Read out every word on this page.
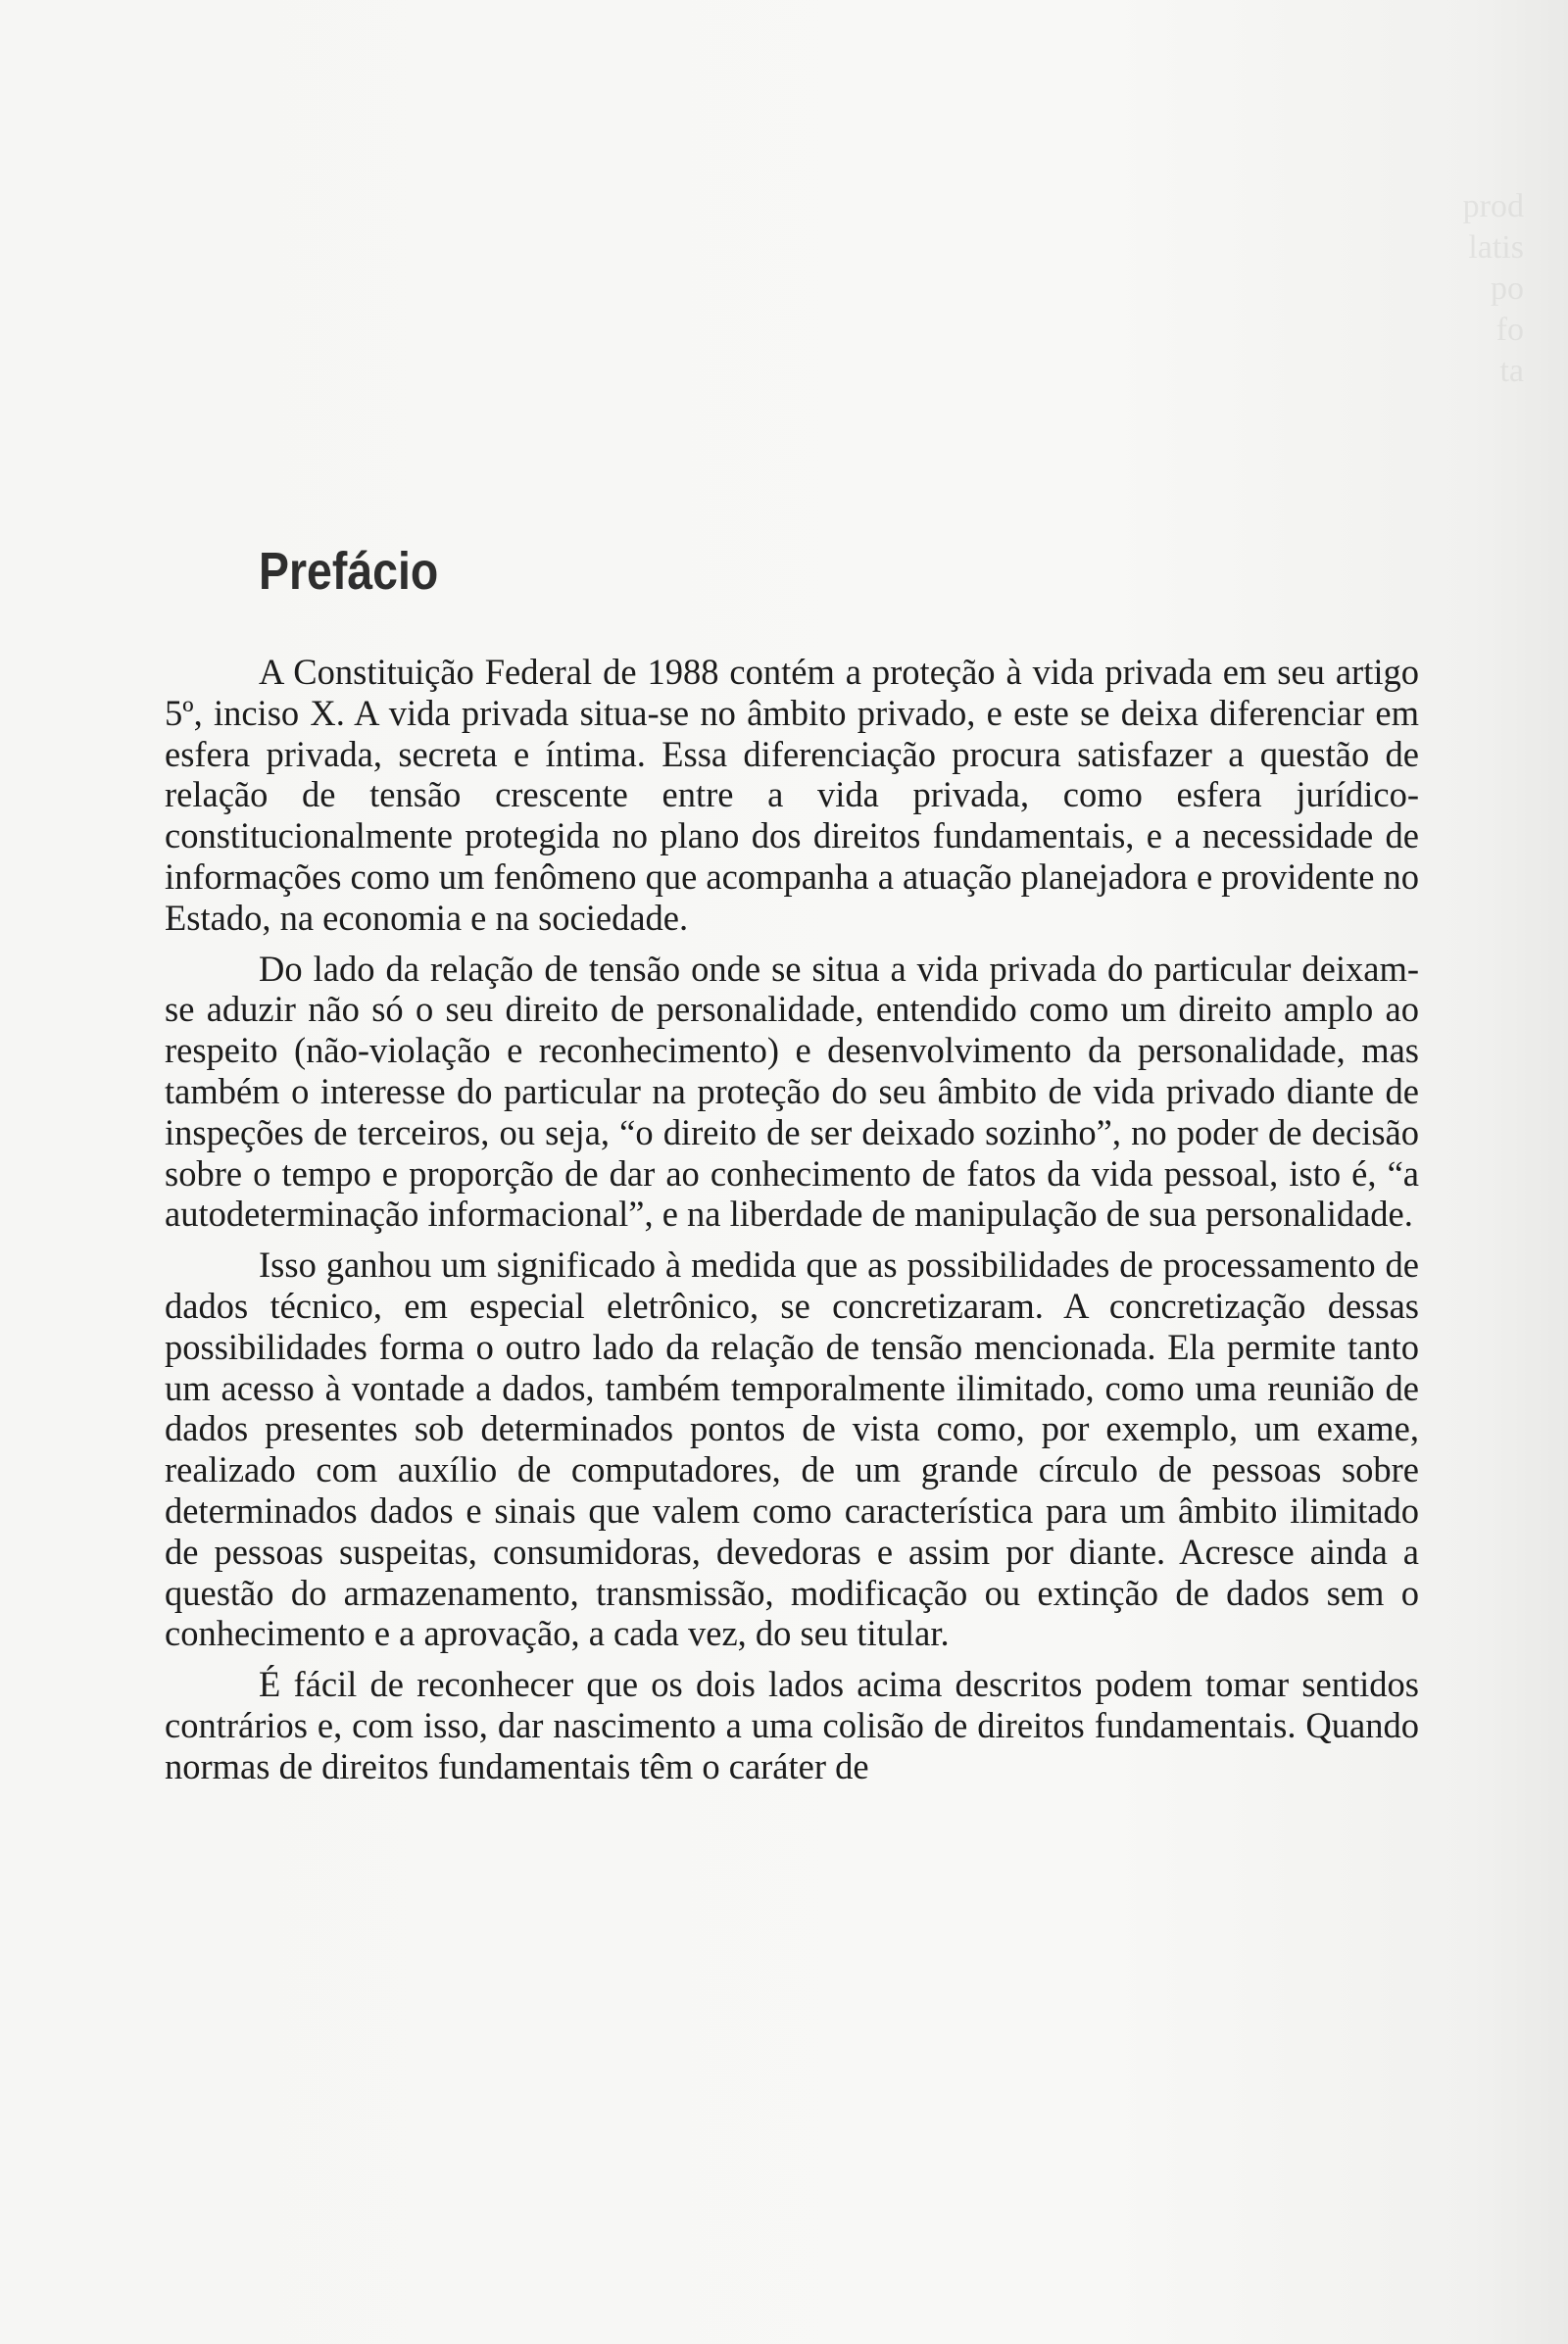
prod
latis
po
fo
ta
Prefácio

A Constituição Federal de 1988 contém a proteção à vida privada em seu artigo 5º, inciso X. A vida privada situa-se no âmbito privado, e este se deixa diferenciar em esfera privada, secreta e íntima. Essa diferenciação procura satisfazer a questão de relação de tensão crescente entre a vida privada, como esfera jurídico-constitucionalmente protegida no plano dos direitos fundamentais, e a necessidade de informações como um fenômeno que acompanha a atuação planejadora e providente no Estado, na economia e na sociedade.

Do lado da relação de tensão onde se situa a vida privada do particular deixam-se aduzir não só o seu direito de personalidade, entendido como um direito amplo ao respeito (não-violação e reconhecimento) e desenvolvimento da personalidade, mas também o interesse do particular na proteção do seu âmbito de vida privado diante de inspeções de terceiros, ou seja, “o direito de ser deixado sozinho”, no poder de decisão sobre o tempo e proporção de dar ao conhecimento de fatos da vida pessoal, isto é, “a autodeterminação informacional”, e na liberdade de manipulação de sua personalidade.

Isso ganhou um significado à medida que as possibilidades de processamento de dados técnico, em especial eletrônico, se concretizaram. A concretização dessas possibilidades forma o outro lado da relação de tensão mencionada. Ela permite tanto um acesso à vontade a dados, também temporalmente ilimitado, como uma reunião de dados presentes sob determinados pontos de vista como, por exemplo, um exame, realizado com auxílio de computadores, de um grande círculo de pessoas sobre determinados dados e sinais que valem como característica para um âmbito ilimitado de pessoas suspeitas, consumidoras, devedoras e assim por diante. Acresce ainda a questão do armazenamento, transmissão, modificação ou extinção de dados sem o conhecimento e a aprovação, a cada vez, do seu titular.

É fácil de reconhecer que os dois lados acima descritos podem tomar sentidos contrários e, com isso, dar nascimento a uma colisão de direitos fundamentais. Quando normas de direitos fundamentais têm o caráter de
